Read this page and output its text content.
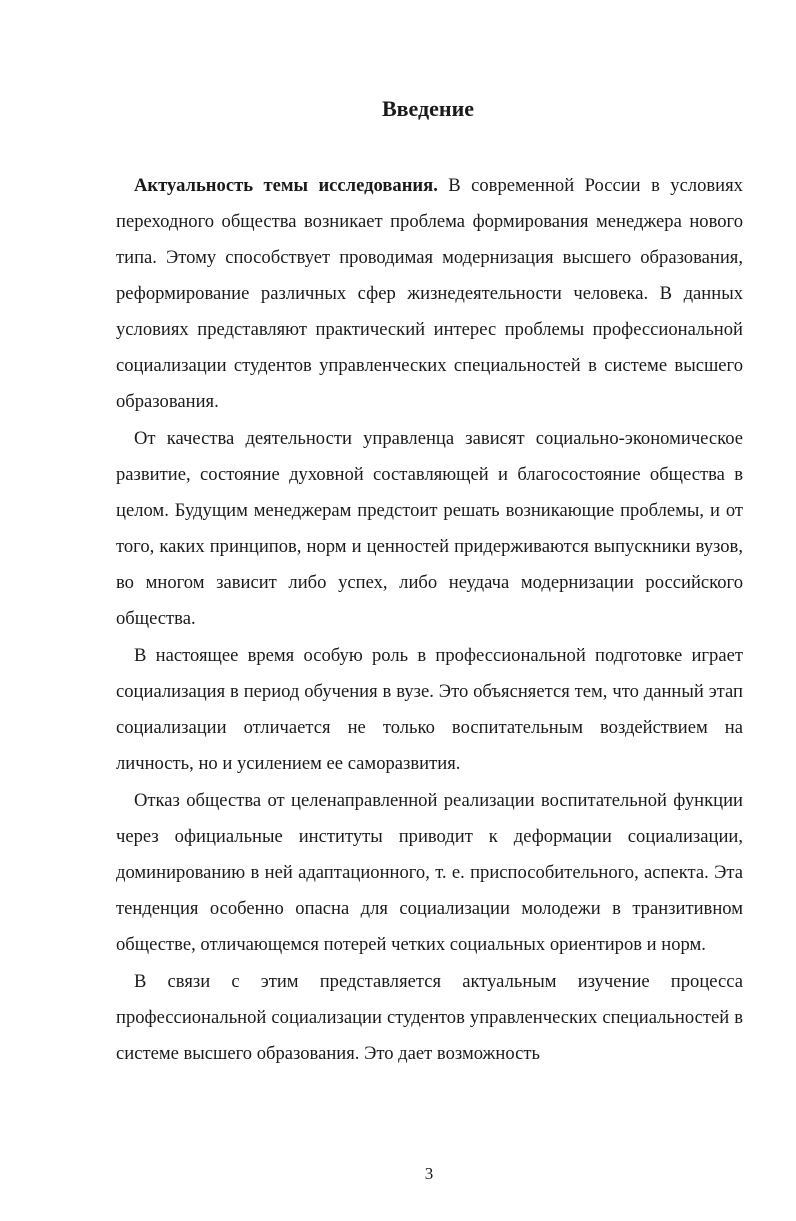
Введение

Актуальность темы исследования. В современной России в условиях переходного общества возникает проблема формирования менеджера нового типа. Этому способствует проводимая модернизация высшего образования, реформирование различных сфер жизнедеятельности человека. В данных условиях представляют практический интерес проблемы профессиональной социализации студентов управленческих специальностей в системе высшего образования.

От качества деятельности управленца зависят социально-экономическое развитие, состояние духовной составляющей и благосостояние общества в целом. Будущим менеджерам предстоит решать возникающие проблемы, и от того, каких принципов, норм и ценностей придерживаются выпускники вузов, во многом зависит либо успех, либо неудача модернизации российского общества.

В настоящее время особую роль в профессиональной подготовке играет социализация в период обучения в вузе. Это объясняется тем, что данный этап социализации отличается не только воспитательным воздействием на личность, но и усилением ее саморазвития.

Отказ общества от целенаправленной реализации воспитательной функции через официальные институты приводит к деформации социализации, доминированию в ней адаптационного, т. е. приспособительного, аспекта. Эта тенденция особенно опасна для социализации молодежи в транзитивном обществе, отличающемся потерей четких социальных ориентиров и норм.

В связи с этим представляется актуальным изучение процесса профессиональной социализации студентов управленческих специальностей в системе высшего образования. Это дает возможность

3
